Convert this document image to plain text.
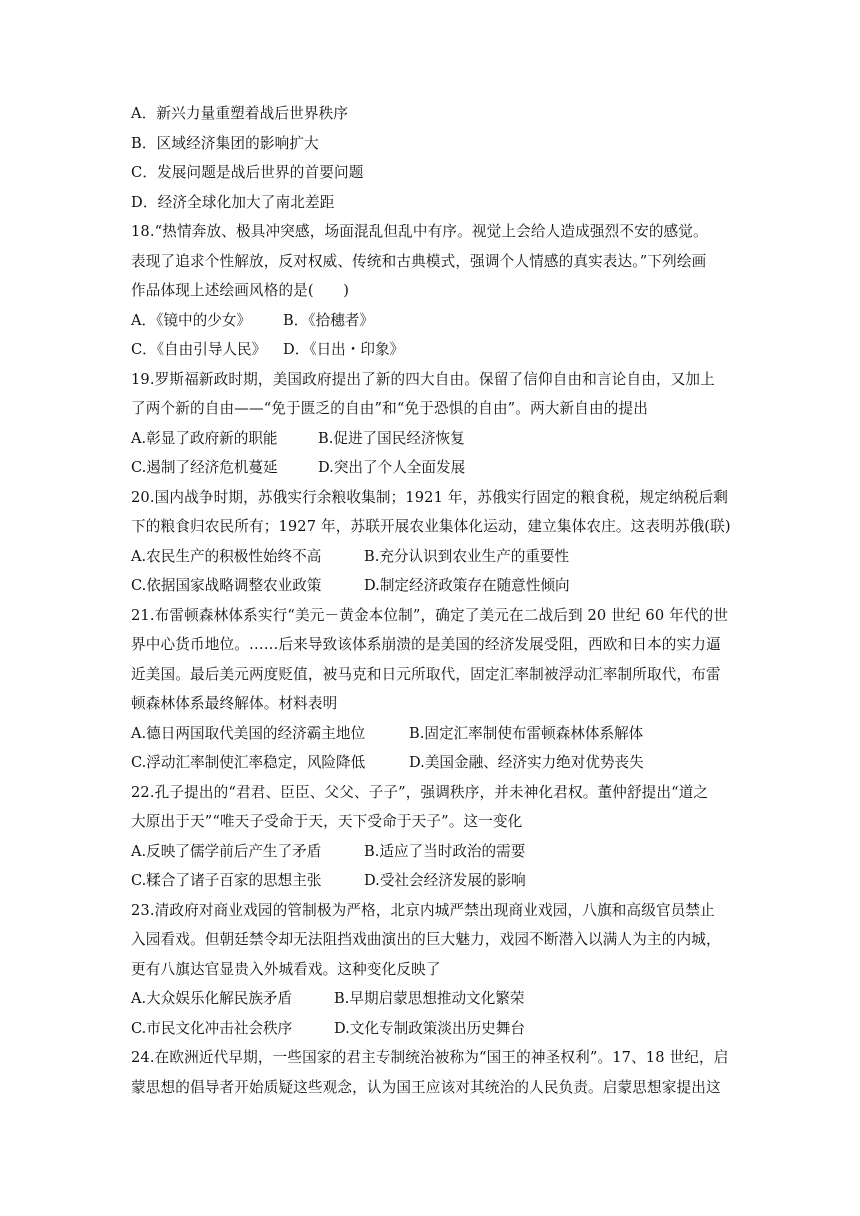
A．新兴力量重塑着战后世界秩序
B．区域经济集团的影响扩大
C．发展问题是战后世界的首要问题
D．经济全球化加大了南北差距
18.“热情奔放、极具冲突感，场面混乱但乱中有序。视觉上会给人造成强烈不安的感觉。
表现了追求个性解放，反对权威、传统和古典模式，强调个人情感的真实表达。”下列绘画
作品体现上述绘画风格的是(　　)
A．《镜中的少女》 B．《拾穗者》
C．《自由引导人民》 D．《日出・印象》
19.罗斯福新政时期，美国政府提出了新的四大自由。保留了信仰自由和言论自由，又加上
了两个新的自由——“免于匮乏的自由”和“免于恐惧的自由”。两大新自由的提出
A.彰显了政府新的职能	B.促进了国民经济恢复
C.遏制了经济危机蔓延	D.突出了个人全面发展
20.国内战争时期，苏俄实行余粮收集制；1921 年，苏俄实行固定的粮食税，规定纳税后剩
下的粮食归农民所有；1927 年，苏联开展农业集体化运动，建立集体农庄。这表明苏俄(联)
A.农民生产的积极性始终不高	B.充分认识到农业生产的重要性
C.依据国家战略调整农业政策	D.制定经济政策存在随意性倾向
21.布雷顿森林体系实行“美元－黄金本位制”，确定了美元在二战后到 20 世纪 60 年代的世
界中心货币地位。……后来导致该体系崩溃的是美国的经济发展受阻，西欧和日本的实力逼
近美国。最后美元两度贬值，被马克和日元所取代，固定汇率制被浮动汇率制所取代，布雷
顿森林体系最终解体。材料表明
A.德日两国取代美国的经济霸主地位	B.固定汇率制使布雷顿森林体系解体
C.浮动汇率制使汇率稳定，风险降低	D.美国金融、经济实力绝对优势丧失
22.孔子提出的“君君、臣臣、父父、子子”，强调秩序，并未神化君权。董仲舒提出“道之
大原出于天”“唯天子受命于天，天下受命于天子”。这一变化
A.反映了儒学前后产生了矛盾	B.适应了当时政治的需要
C.糅合了诸子百家的思想主张	D.受社会经济发展的影响
23.清政府对商业戏园的管制极为严格，北京内城严禁出现商业戏园，八旗和高级官员禁止
入园看戏。但朝廷禁令却无法阻挡戏曲演出的巨大魅力，戏园不断潜入以满人为主的内城，
更有八旗达官显贵入外城看戏。这种变化反映了
A.大众娱乐化解民族矛盾	B.早期启蒙思想推动文化繁荣
C.市民文化冲击社会秩序	D.文化专制政策淡出历史舞台
24.在欧洲近代早期，一些国家的君主专制统治被称为“国王的神圣权利”。17、18 世纪，启
蒙思想的倡导者开始质疑这些观念，认为国王应该对其统治的人民负责。启蒙思想家提出这
